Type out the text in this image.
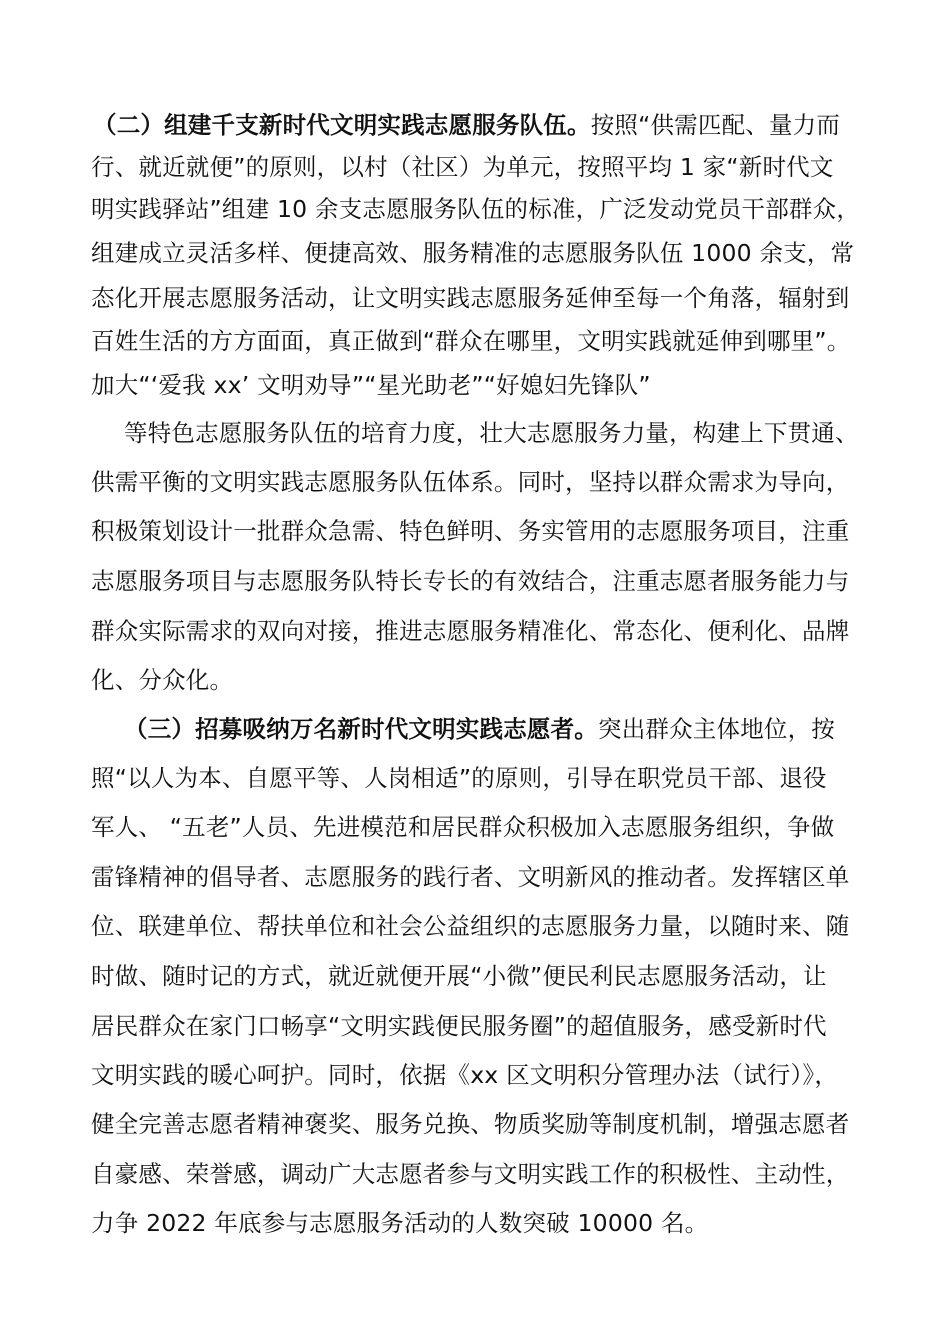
（二）组建千支新时代文明实践志愿服务队伍。按照“供需匹配、量力而
行、就近就便”的原则，以村（社区）为单元，按照平均 1 家“新时代文
明实践驿站”组建 10 余支志愿服务队伍的标准，广泛发动党员干部群众，
组建成立灵活多样、便捷高效、服务精准的志愿服务队伍 1000 余支，常
态化开展志愿服务活动，让文明实践志愿服务延伸至每一个角落，辐射到
百姓生活的方方面面，真正做到“群众在哪里，文明实践就延伸到哪里”。
加大“‘爱我 xx’ 文明劝导”“星光助老”“好媳妇先锋队”
等特色志愿服务队伍的培育力度，壮大志愿服务力量，构建上下贯通、
供需平衡的文明实践志愿服务队伍体系。同时，坚持以群众需求为导向，
积极策划设计一批群众急需、特色鲜明、务实管用的志愿服务项目，注重
志愿服务项目与志愿服务队特长专长的有效结合，注重志愿者服务能力与
群众实际需求的双向对接，推进志愿服务精准化、常态化、便利化、品牌
化、分众化。
（三）招募吸纳万名新时代文明实践志愿者。突出群众主体地位，按
照“以人为本、自愿平等、人岗相适”的原则，引导在职党员干部、退役
军人、 “五老”人员、先进模范和居民群众积极加入志愿服务组织，争做
雷锋精神的倡导者、志愿服务的践行者、文明新风的推动者。发挥辖区单
位、联建单位、帮扶单位和社会公益组织的志愿服务力量，以随时来、随
时做、随时记的方式，就近就便开展“小微”便民利民志愿服务活动，让
居民群众在家门口畅享“文明实践便民服务圈”的超值服务，感受新时代
文明实践的暖心呵护。同时，依据《xx 区文明积分管理办法（试行）》，
健全完善志愿者精神褒奖、服务兑换、物质奖励等制度机制，增强志愿者
自豪感、荣誉感，调动广大志愿者参与文明实践工作的积极性、主动性，
力争 2022 年底参与志愿服务活动的人数突破 10000 名。
